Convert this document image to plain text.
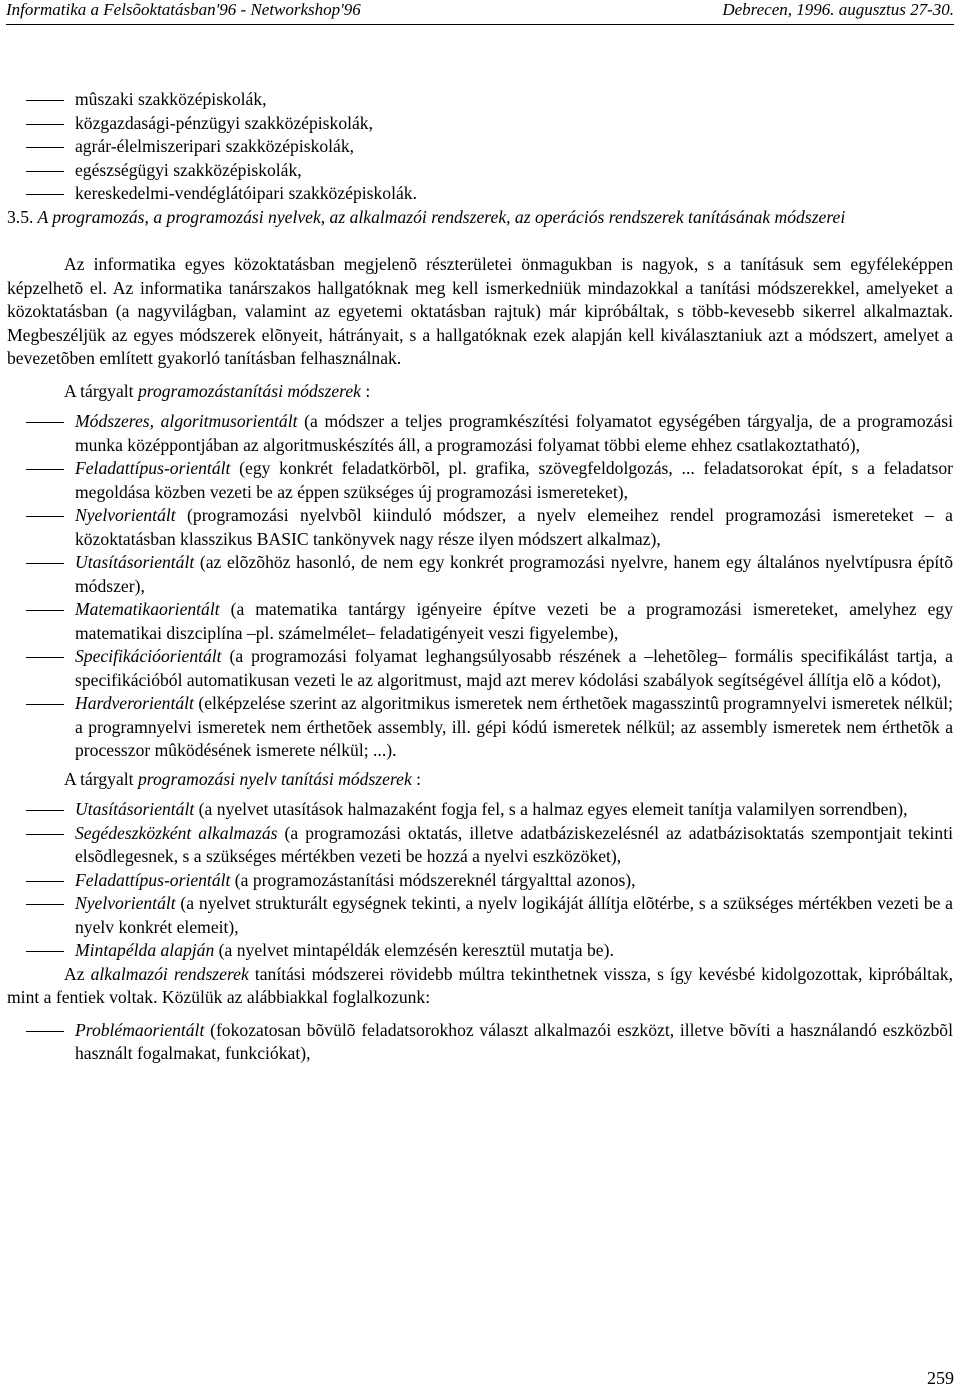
Informatika a Felsõoktatásban'96 - Networkshop'96	Debrecen, 1996. augusztus 27-30.
mûszaki szakközépiskolák,
közgazdasági-pénzügyi szakközépiskolák,
agrár-élelmiszeripari szakközépiskolák,
egészségügyi szakközépiskolák,
kereskedelmi-vendéglátóipari szakközépiskolák.

3.5. A programozás, a programozási nyelvek, az alkalmazói rendszerek, az operációs rendszerek tanításának módszerei

Az informatika egyes közoktatásban megjelenõ részterületei önmagukban is nagyok, s a tanításuk sem egyféleképpen képzelhetõ el. Az informatika tanárszakos hallgatóknak meg kell ismerkedniük mindazokkal a tanítási módszerekkel, amelyeket a közoktatásban (a nagyvilágban, valamint az egyetemi oktatásban rajtuk) már kipróbáltak, s több-kevesebb sikerrel alkalmaztak. Megbeszéljük az egyes módszerek elõnyeit, hátrányait, s a hallgatóknak ezek alapján kell kiválasztaniuk azt a módszert, amelyet a bevezetõben említett gyakorló tanításban felhasználnak.

A tárgyalt programozástanítási módszerek :

Módszeres, algoritmusorientált (a módszer a teljes programkészítési folyamatot egységében tárgyalja, de a programozási munka középpontjában az algoritmuskészítés áll, a programozási folyamat többi eleme ehhez csatlakoztatható),
Feladattípus-orientált (egy konkrét feladatkörbõl, pl. grafika, szövegfeldolgozás, ... feladatsorokat épít, s a feladatsor megoldása közben vezeti be az éppen szükséges új programozási ismereteket),
Nyelvorientált (programozási nyelvbõl kiinduló módszer, a nyelv elemeihez rendel programozási ismereteket – a közoktatásban klasszikus BASIC tankönyvek nagy része ilyen módszert alkalmaz),
Utasításorientált (az elõzõhöz hasonló, de nem egy konkrét programozási nyelvre, hanem egy általános nyelvtípusra építõ módszer),
Matematikaorientált (a matematika tantárgy igényeire építve vezeti be a programozási ismereteket, amelyhez egy matematikai diszciplína –pl. számelmélet– feladatigényeit veszi figyelembe),
Specifikációorientált (a programozási folyamat leghangsúlyosabb részének a –lehetõleg– formális specifikálást tartja, a specifikációból automatikusan vezeti le az algoritmust, majd azt merev kódolási szabályok segítségével állítja elõ a kódot),
Hardverorientált (elképzelése szerint az algoritmikus ismeretek nem érthetõek magasszintû programnyelvi ismeretek nélkül; a programnyelvi ismeretek nem érthetõek assembly, ill. gépi kódú ismeretek nélkül; az assembly ismeretek nem érthetõk a processzor mûködésének ismerete nélkül; ...).

A tárgyalt programozási nyelv tanítási módszerek :

Utasításorientált (a nyelvet utasítások halmazaként fogja fel, s a halmaz egyes elemeit tanítja valamilyen sorrendben),
Segédeszközként alkalmazás (a programozási oktatás, illetve adatbáziskezelésnél az adatbázisoktatás szempontjait tekinti elsõdlegesnek, s a szükséges mértékben vezeti be hozzá a nyelvi eszközöket),
Feladattípus-orientált (a programozástanítási módszereknél tárgyalttal azonos),
Nyelvorientált (a nyelvet strukturált egységnek tekinti, a nyelv logikáját állítja elõtérbe, s a szükséges mértékben vezeti be a nyelv konkrét elemeit),
Mintapélda alapján (a nyelvet mintapéldák elemzésén keresztül mutatja be).

Az alkalmazói rendszerek tanítási módszerei rövidebb múltra tekinthetnek vissza, s így kevésbé kidolgozottak, kipróbáltak, mint a fentiek voltak. Közülük az alábbiakkal foglalkozunk:

Problémaorientált (fokozatosan bõvülõ feladatsorokhoz választ alkalmazói eszközt, illetve bõvíti a használandó eszközbõl használt fogalmakat, funkciókat),
259
